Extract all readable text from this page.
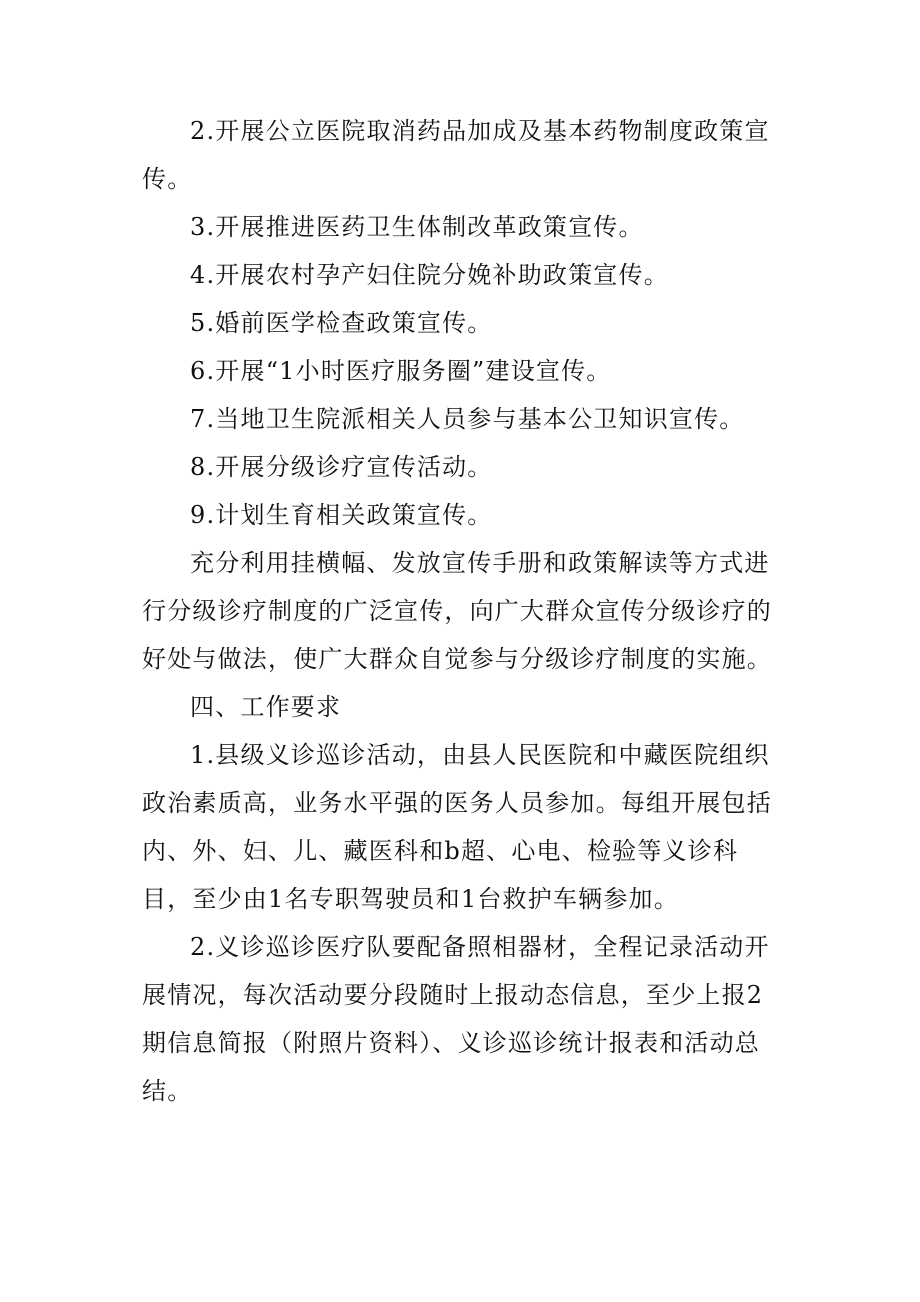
2.开展公立医院取消药品加成及基本药物制度政策宣传。
3.开展推进医药卫生体制改革政策宣传。
4.开展农村孕产妇住院分娩补助政策宣传。
5.婚前医学检查政策宣传。
6.开展“1小时医疗服务圈”建设宣传。
7.当地卫生院派相关人员参与基本公卫知识宣传。
8.开展分级诊疗宣传活动。
9.计划生育相关政策宣传。
充分利用挂横幅、发放宣传手册和政策解读等方式进行分级诊疗制度的广泛宣传，向广大群众宣传分级诊疗的好处与做法，使广大群众自觉参与分级诊疗制度的实施。
四、工作要求
1.县级义诊巡诊活动，由县人民医院和中藏医院组织政治素质高，业务水平强的医务人员参加。每组开展包括内、外、妇、儿、藏医科和b超、心电、检验等义诊科目，至少由1名专职驾驶员和1台救护车辆参加。
2.义诊巡诊医疗队要配备照相器材，全程记录活动开展情况，每次活动要分段随时上报动态信息，至少上报2期信息简报（附照片资料）、义诊巡诊统计报表和活动总结。
